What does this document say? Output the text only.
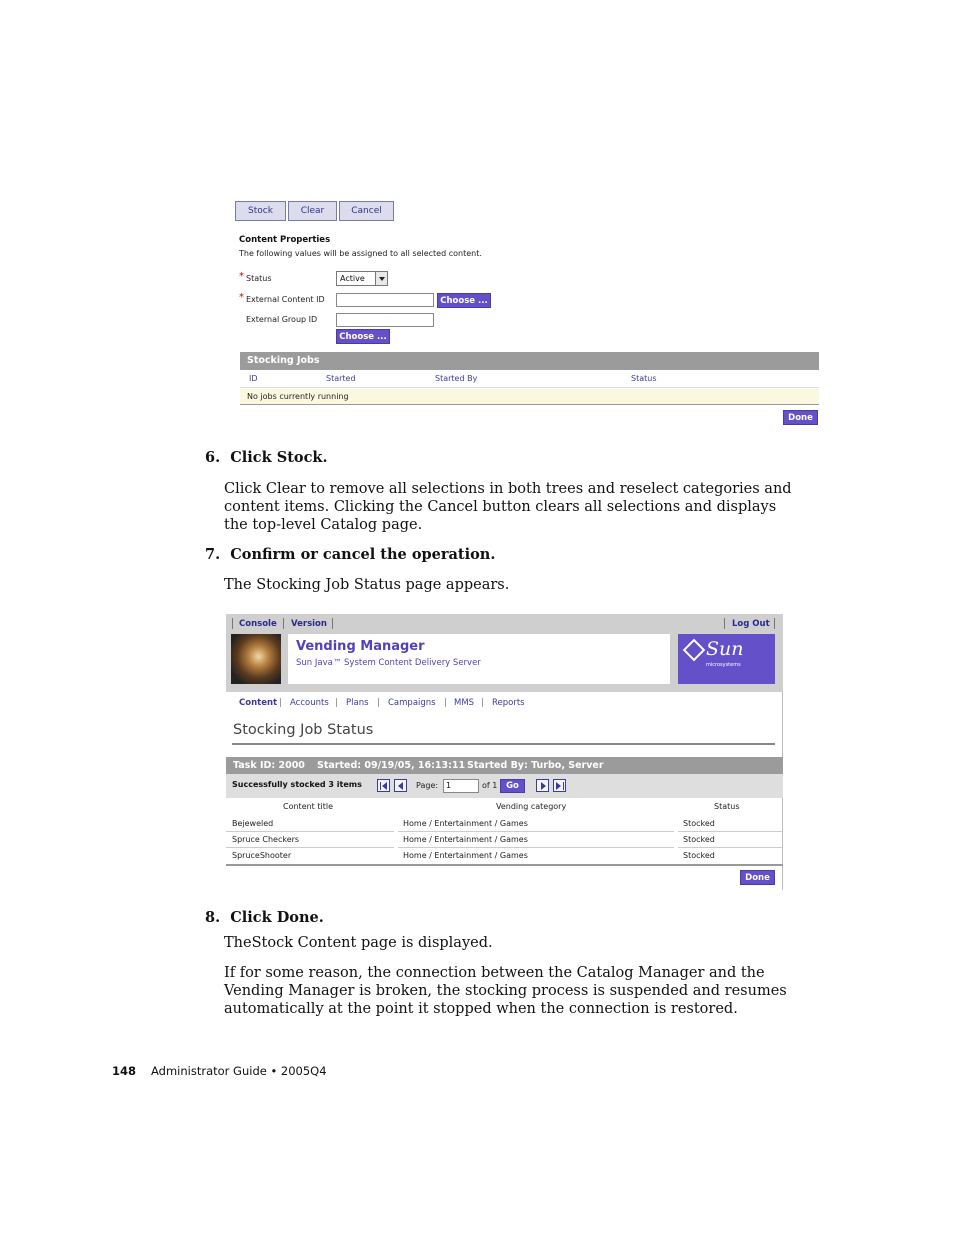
Stock	Clear	Cancel
Content Properties
The following values will be assigned to all selected content.
* Status	Active
* External Content ID	Choose ...
External Group ID
Choose ...
Stocking Jobs
ID	Started	Started By	Status
No jobs currently running
Done
6. Click Stock.
Click Clear to remove all selections in both trees and reselect categories and content items. Clicking the Cancel button clears all selections and displays the top-level Catalog page.
7. Confirm or cancel the operation.
The Stocking Job Status page appears.
Console Version	Log Out
Vending Manager
Sun Java™ System Content Delivery Server
Sun
microsystems
Content | Accounts | Plans | Campaigns | MMS | Reports
Stocking Job Status
Task ID: 2000 Started: 09/19/05, 16:13:11 Started By: Turbo, Server
Successfully stocked 3 items	Page: 1	of 1	Go
Content title	Vending category	Status
Bejeweled	Home / Entertainment / Games	Stocked
Spruce Checkers	Home / Entertainment / Games	Stocked
SpruceShooter	Home / Entertainment / Games	Stocked
Done
8. Click Done.
TheStock Content page is displayed.
If for some reason, the connection between the Catalog Manager and the Vending Manager is broken, the stocking process is suspended and resumes automatically at the point it stopped when the connection is restored.
148 Administrator Guide • 2005Q4
